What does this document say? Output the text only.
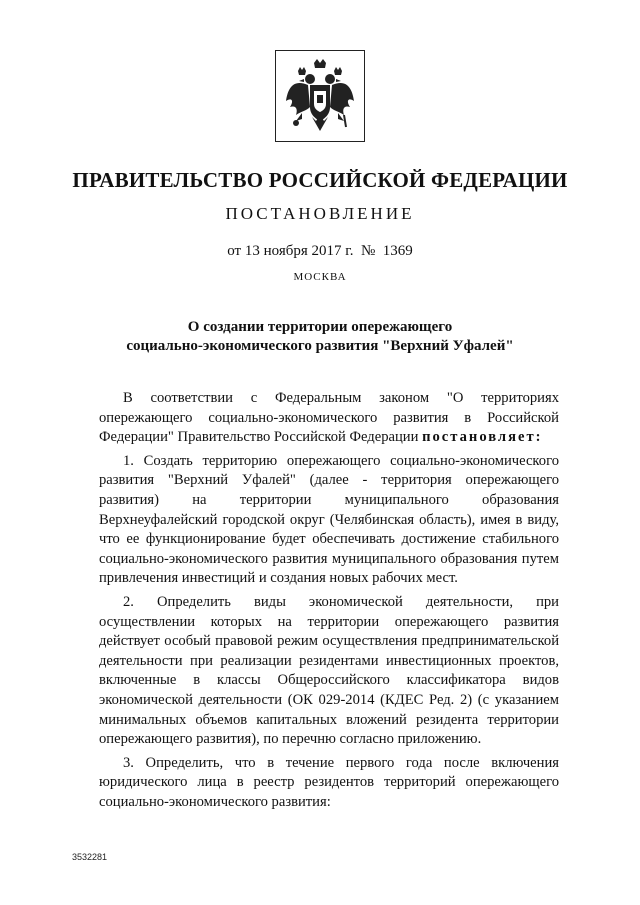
ПРАВИТЕЛЬСТВО РОССИЙСКОЙ ФЕДЕРАЦИИ
ПОСТАНОВЛЕНИЕ
от 13 ноября 2017 г. № 1369
МОСКВА
О создании территории опережающего
социально-экономического развития "Верхний Уфалей"

В соответствии с Федеральным законом "О территориях опережающего социально-экономического развития в Российской Федерации" Правительство Российской Федерации постановляет:

1. Создать территорию опережающего социально-экономического развития "Верхний Уфалей" (далее - территория опережающего развития) на территории муниципального образования Верхнеуфалейский городской округ (Челябинская область), имея в виду, что ее функционирование будет обеспечивать достижение стабильного социально-экономического развития муниципального образования путем привлечения инвестиций и создания новых рабочих мест.

2. Определить виды экономической деятельности, при осуществлении которых на территории опережающего развития действует особый правовой режим осуществления предпринимательской деятельности при реализации резидентами инвестиционных проектов, включенные в классы Общероссийского классификатора видов экономической деятельности (ОК 029-2014 (КДЕС Ред. 2) (с указанием минимальных объемов капитальных вложений резидента территории опережающего развития), по перечню согласно приложению.

3. Определить, что в течение первого года после включения юридического лица в реестр резидентов территорий опережающего социально-экономического развития:

3532281
